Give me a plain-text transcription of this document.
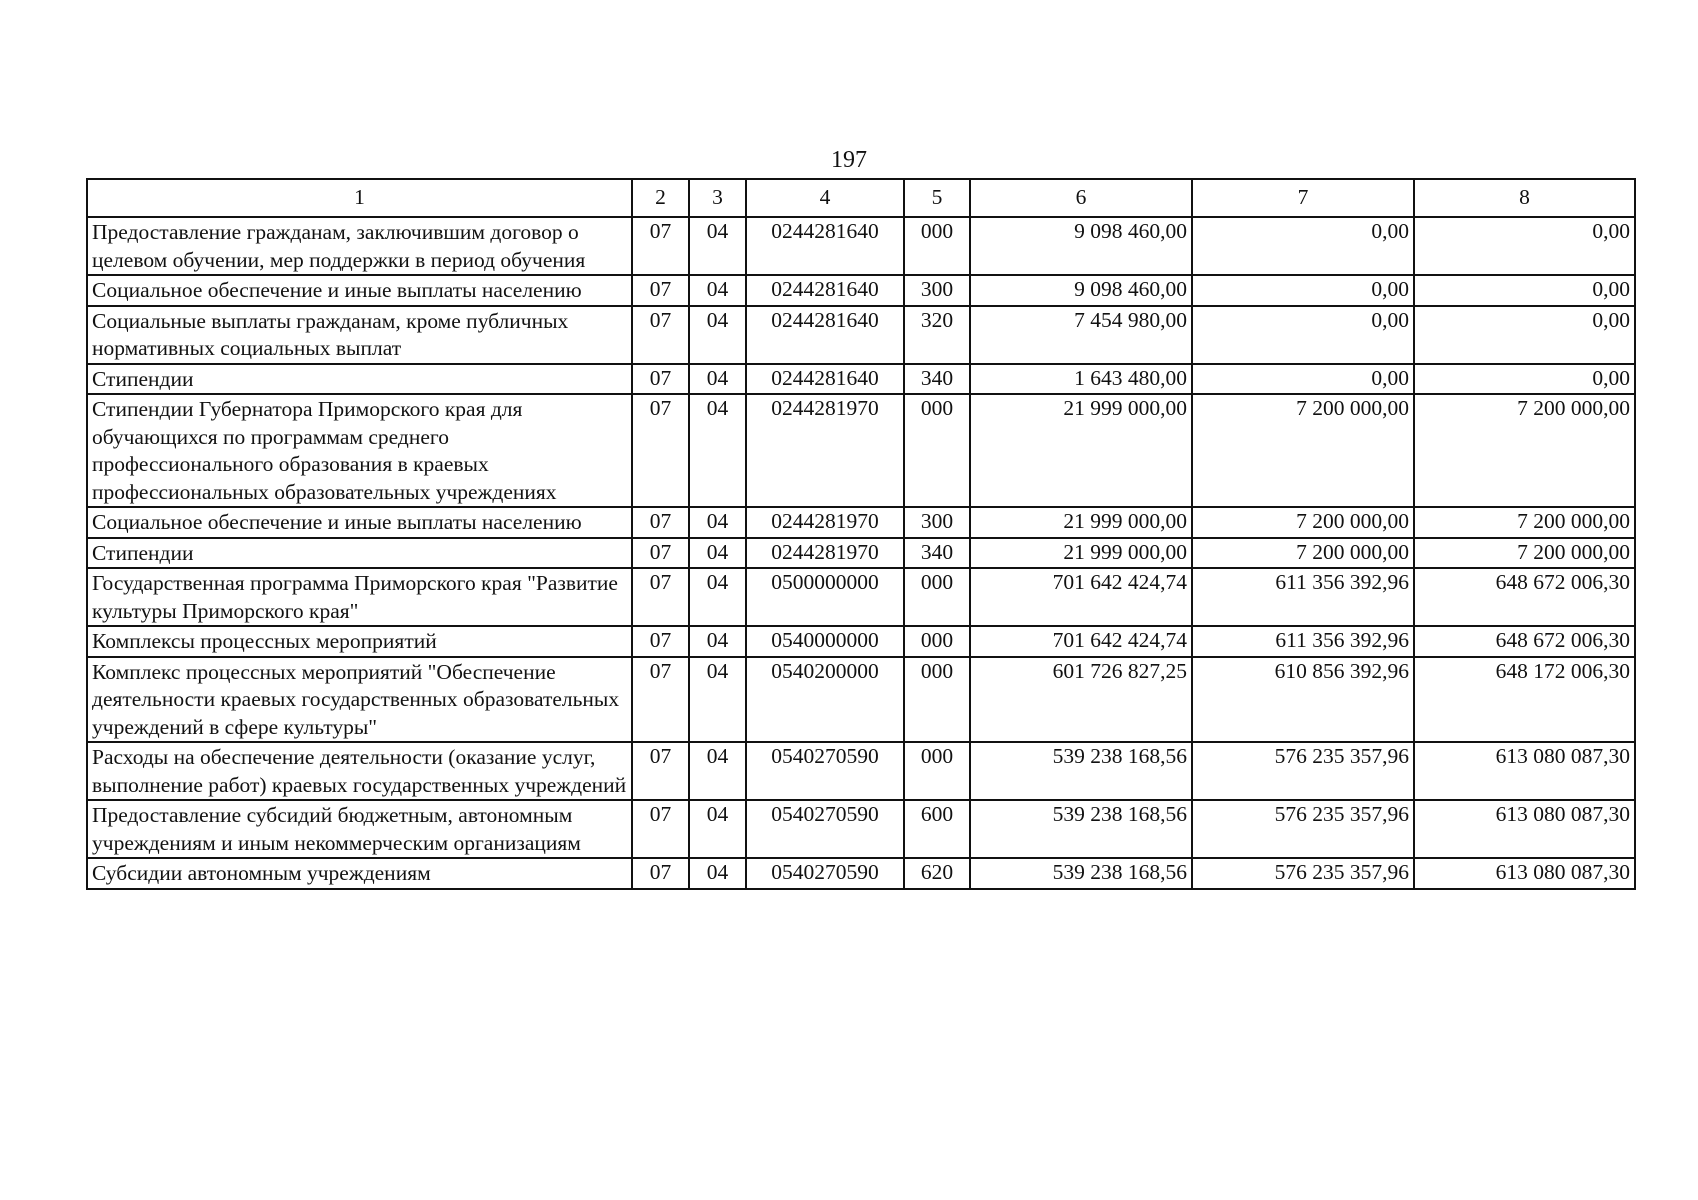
197
1	2	3	4	5	6	7	8
Предоставление гражданам, заключившим договор о целевом обучении, мер поддержки в период обучения	07	04	0244281640	000	9 098 460,00	0,00	0,00
Социальное обеспечение и иные выплаты населению	07	04	0244281640	300	9 098 460,00	0,00	0,00
Социальные выплаты гражданам, кроме публичных нормативных социальных выплат	07	04	0244281640	320	7 454 980,00	0,00	0,00
Стипендии	07	04	0244281640	340	1 643 480,00	0,00	0,00
Стипендии Губернатора Приморского края для обучающихся по программам среднего профессионального образования в краевых профессиональных образовательных учреждениях	07	04	0244281970	000	21 999 000,00	7 200 000,00	7 200 000,00
Социальное обеспечение и иные выплаты населению	07	04	0244281970	300	21 999 000,00	7 200 000,00	7 200 000,00
Стипендии	07	04	0244281970	340	21 999 000,00	7 200 000,00	7 200 000,00
Государственная программа Приморского края "Развитие культуры Приморского края"	07	04	0500000000	000	701 642 424,74	611 356 392,96	648 672 006,30
Комплексы процессных мероприятий	07	04	0540000000	000	701 642 424,74	611 356 392,96	648 672 006,30
Комплекс процессных мероприятий "Обеспечение деятельности краевых государственных образовательных учреждений в сфере культуры"	07	04	0540200000	000	601 726 827,25	610 856 392,96	648 172 006,30
Расходы на обеспечение деятельности (оказание услуг, выполнение работ) краевых государственных учреждений	07	04	0540270590	000	539 238 168,56	576 235 357,96	613 080 087,30
Предоставление субсидий бюджетным, автономным учреждениям и иным некоммерческим организациям	07	04	0540270590	600	539 238 168,56	576 235 357,96	613 080 087,30
Субсидии автономным учреждениям	07	04	0540270590	620	539 238 168,56	576 235 357,96	613 080 087,30
